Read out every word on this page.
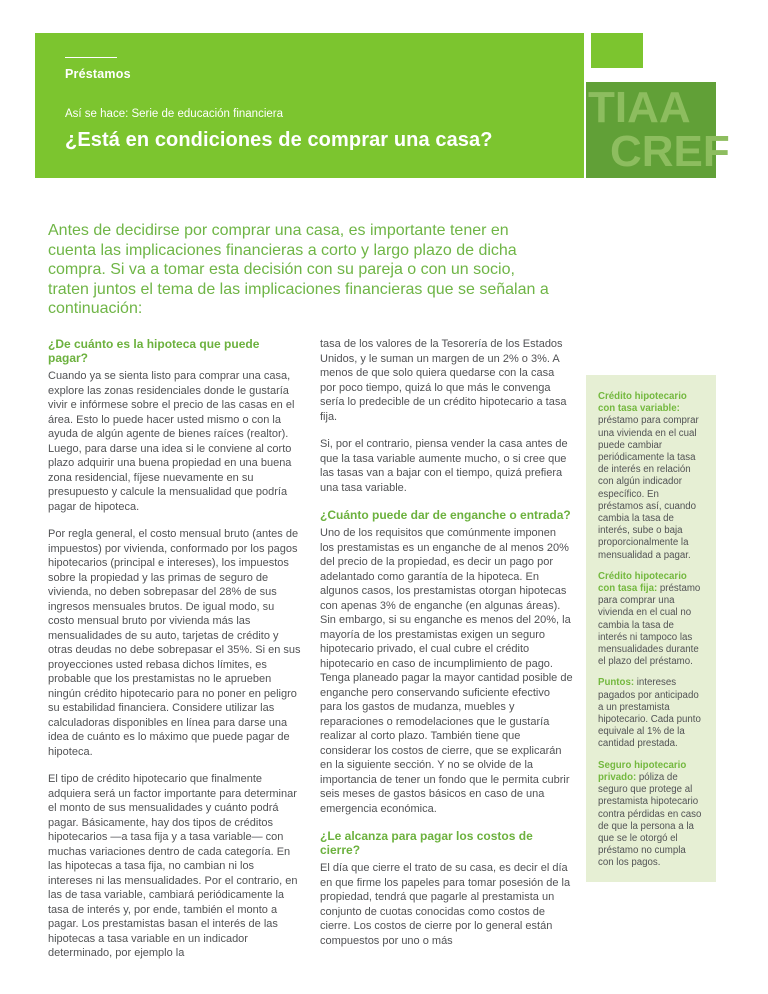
Préstamos
Así se hace: Serie de educación financiera
¿Está en condiciones de comprar una casa?
TIAA
CREF
Antes de decidirse por comprar una casa, es importante tener en cuenta las implicaciones financieras a corto y largo plazo de dicha compra. Si va a tomar esta decisión con su pareja o con un socio, traten juntos el tema de las implicaciones financieras que se señalan a continuación:
¿De cuánto es la hipoteca que puede pagar?

Cuando ya se sienta listo para comprar una casa, explore las zonas residenciales donde le gustaría vivir e infórmese sobre el precio de las casas en el área. Esto lo puede hacer usted mismo o con la ayuda de algún agente de bienes raíces (realtor). Luego, para darse una idea si le conviene al corto plazo adquirir una buena propiedad en una buena zona residencial, fíjese nuevamente en su presupuesto y calcule la mensualidad que podría pagar de hipoteca.

Por regla general, el costo mensual bruto (antes de impuestos) por vivienda, conformado por los pagos hipotecarios (principal e intereses), los impuestos sobre la propiedad y las primas de seguro de vivienda, no deben sobrepasar del 28% de sus ingresos mensuales brutos. De igual modo, su costo mensual bruto por vivienda más las mensualidades de su auto, tarjetas de crédito y otras deudas no debe sobrepasar el 35%. Si en sus proyecciones usted rebasa dichos límites, es probable que los prestamistas no le aprueben ningún crédito hipotecario para no poner en peligro su estabilidad financiera. Considere utilizar las calculadoras disponibles en línea para darse una idea de cuánto es lo máximo que puede pagar de hipoteca.

El tipo de crédito hipotecario que finalmente adquiera será un factor importante para determinar el monto de sus mensualidades y cuánto podrá pagar. Básicamente, hay dos tipos de créditos hipotecarios —a tasa fija y a tasa variable— con muchas variaciones dentro de cada categoría. En las hipotecas a tasa fija, no cambian ni los intereses ni las mensualidades. Por el contrario, en las de tasa variable, cambiará periódicamente la tasa de interés y, por ende, también el monto a pagar. Los prestamistas basan el interés de las hipotecas a tasa variable en un indicador determinado, por ejemplo la

tasa de los valores de la Tesorería de los Estados Unidos, y le suman un margen de un 2% o 3%. A menos de que solo quiera quedarse con la casa por poco tiempo, quizá lo que más le convenga sería lo predecible de un crédito hipotecario a tasa fija.

Si, por el contrario, piensa vender la casa antes de que la tasa variable aumente mucho, o si cree que las tasas van a bajar con el tiempo, quizá prefiera una tasa variable.

¿Cuánto puede dar de enganche o entrada?

Uno de los requisitos que comúnmente imponen los prestamistas es un enganche de al menos 20% del precio de la propiedad, es decir un pago por adelantado como garantía de la hipoteca. En algunos casos, los prestamistas otorgan hipotecas con apenas 3% de enganche (en algunas áreas). Sin embargo, si su enganche es menos del 20%, la mayoría de los prestamistas exigen un seguro hipotecario privado, el cual cubre el crédito hipotecario en caso de incumplimiento de pago. Tenga planeado pagar la mayor cantidad posible de enganche pero conservando suficiente efectivo para los gastos de mudanza, muebles y reparaciones o remodelaciones que le gustaría realizar al corto plazo. También tiene que considerar los costos de cierre, que se explicarán en la siguiente sección. Y no se olvide de la importancia de tener un fondo que le permita cubrir seis meses de gastos básicos en caso de una emergencia económica.

¿Le alcanza para pagar los costos de cierre?

El día que cierre el trato de su casa, es decir el día en que firme los papeles para tomar posesión de la propiedad, tendrá que pagarle al prestamista un conjunto de cuotas conocidas como costos de cierre. Los costos de cierre por lo general están compuestos por uno o más

Crédito hipotecario con tasa variable: préstamo para comprar una vivienda en el cual puede cambiar periódicamente la tasa de interés en relación con algún indicador específico. En préstamos así, cuando cambia la tasa de interés, sube o baja proporcionalmente la mensualidad a pagar.
Crédito hipotecario con tasa fija: préstamo para comprar una vivienda en el cual no cambia la tasa de interés ni tampoco las mensualidades durante el plazo del préstamo.
Puntos: intereses pagados por anticipado a un prestamista hipotecario. Cada punto equivale al 1% de la cantidad prestada.
Seguro hipotecario privado: póliza de seguro que protege al prestamista hipotecario contra pérdidas en caso de que la persona a la que se le otorgó el préstamo no cumpla con los pagos.
